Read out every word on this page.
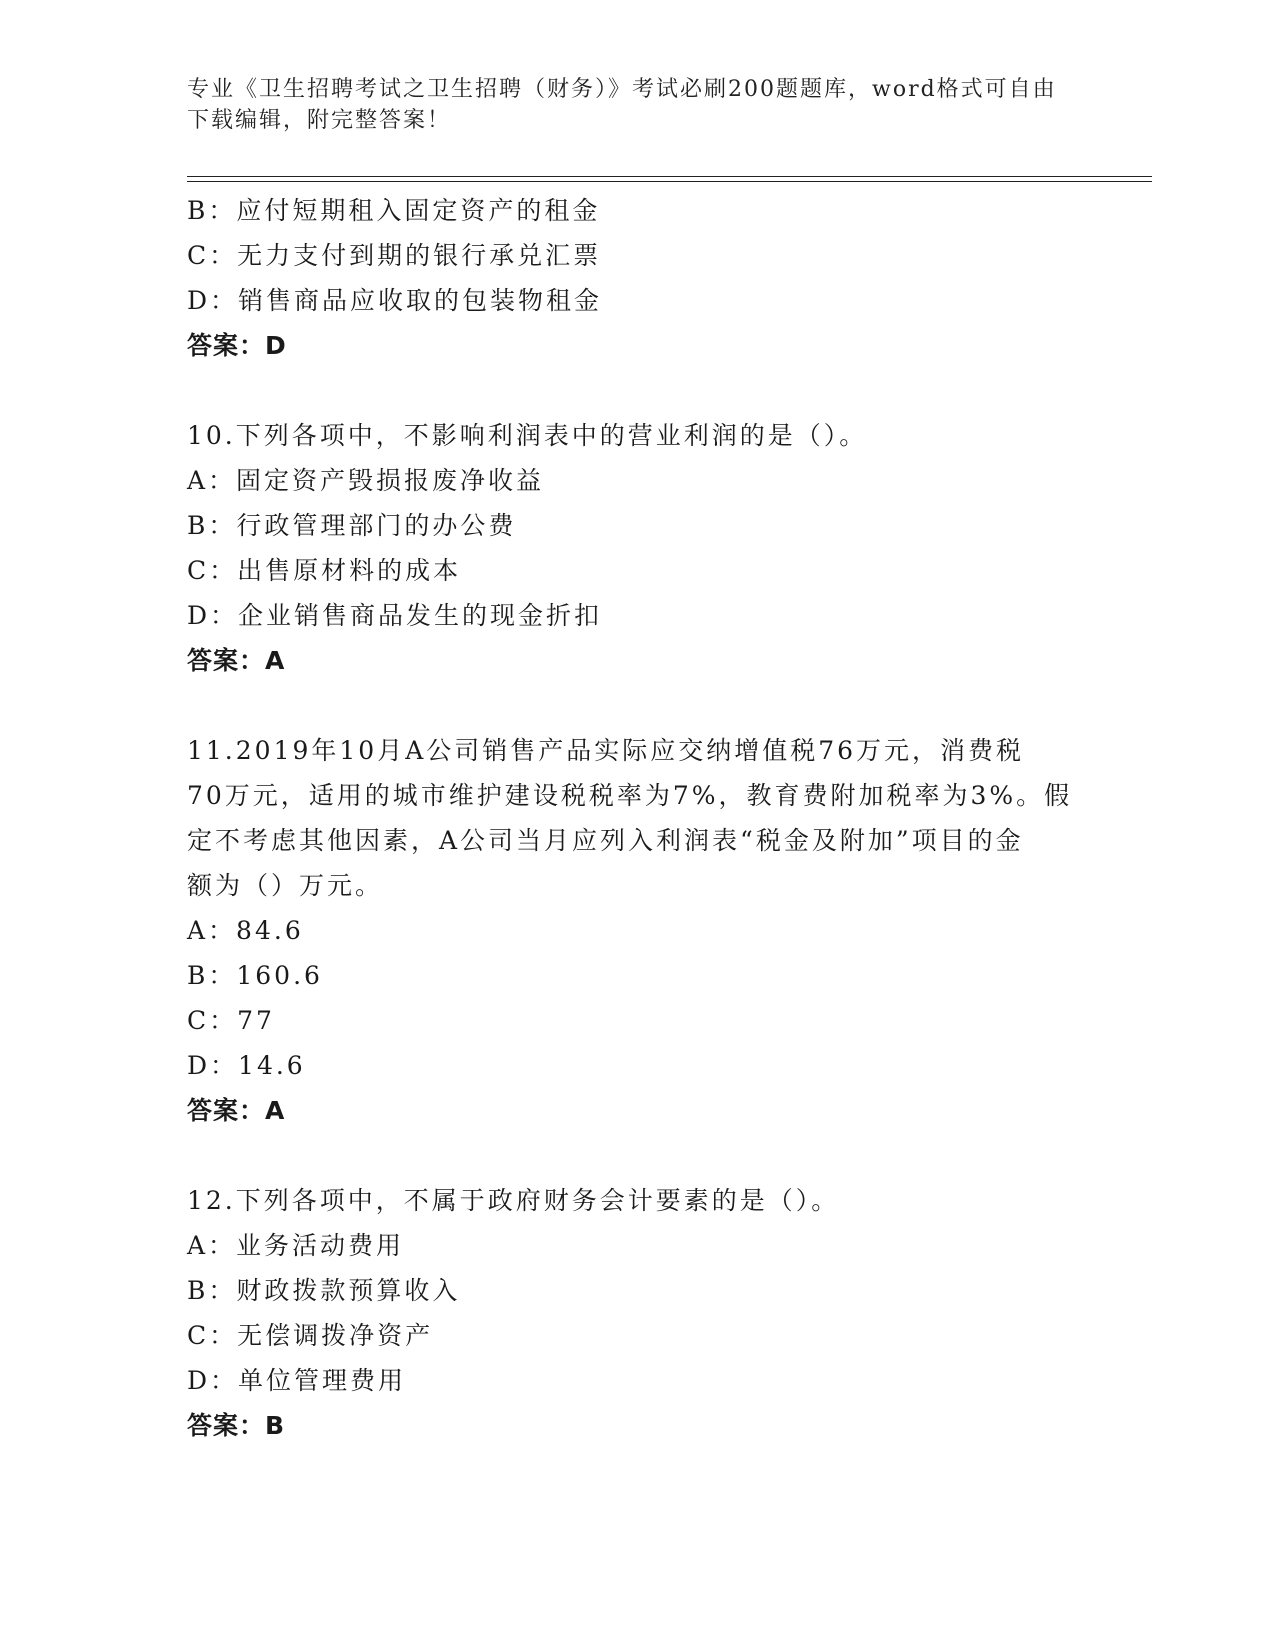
专业《卫生招聘考试之卫生招聘（财务）》考试必刷200题题库，word格式可自由下载编辑，附完整答案！
B：应付短期租入固定资产的租金
C：无力支付到期的银行承兑汇票
D：销售商品应收取的包装物租金
答案：D
10.下列各项中，不影响利润表中的营业利润的是（）。
A：固定资产毁损报废净收益
B：行政管理部门的办公费
C：出售原材料的成本
D：企业销售商品发生的现金折扣
答案：A
11.2019年10月A公司销售产品实际应交纳增值税76万元，消费税
70万元，适用的城市维护建设税税率为7%，教育费附加税率为3%。假
定不考虑其他因素，A公司当月应列入利润表“税金及附加”项目的金
额为（）万元。
A：84.6
B：160.6
C：77
D：14.6
答案：A
12.下列各项中，不属于政府财务会计要素的是（）。
A：业务活动费用
B：财政拨款预算收入
C：无偿调拨净资产
D：单位管理费用
答案：B
